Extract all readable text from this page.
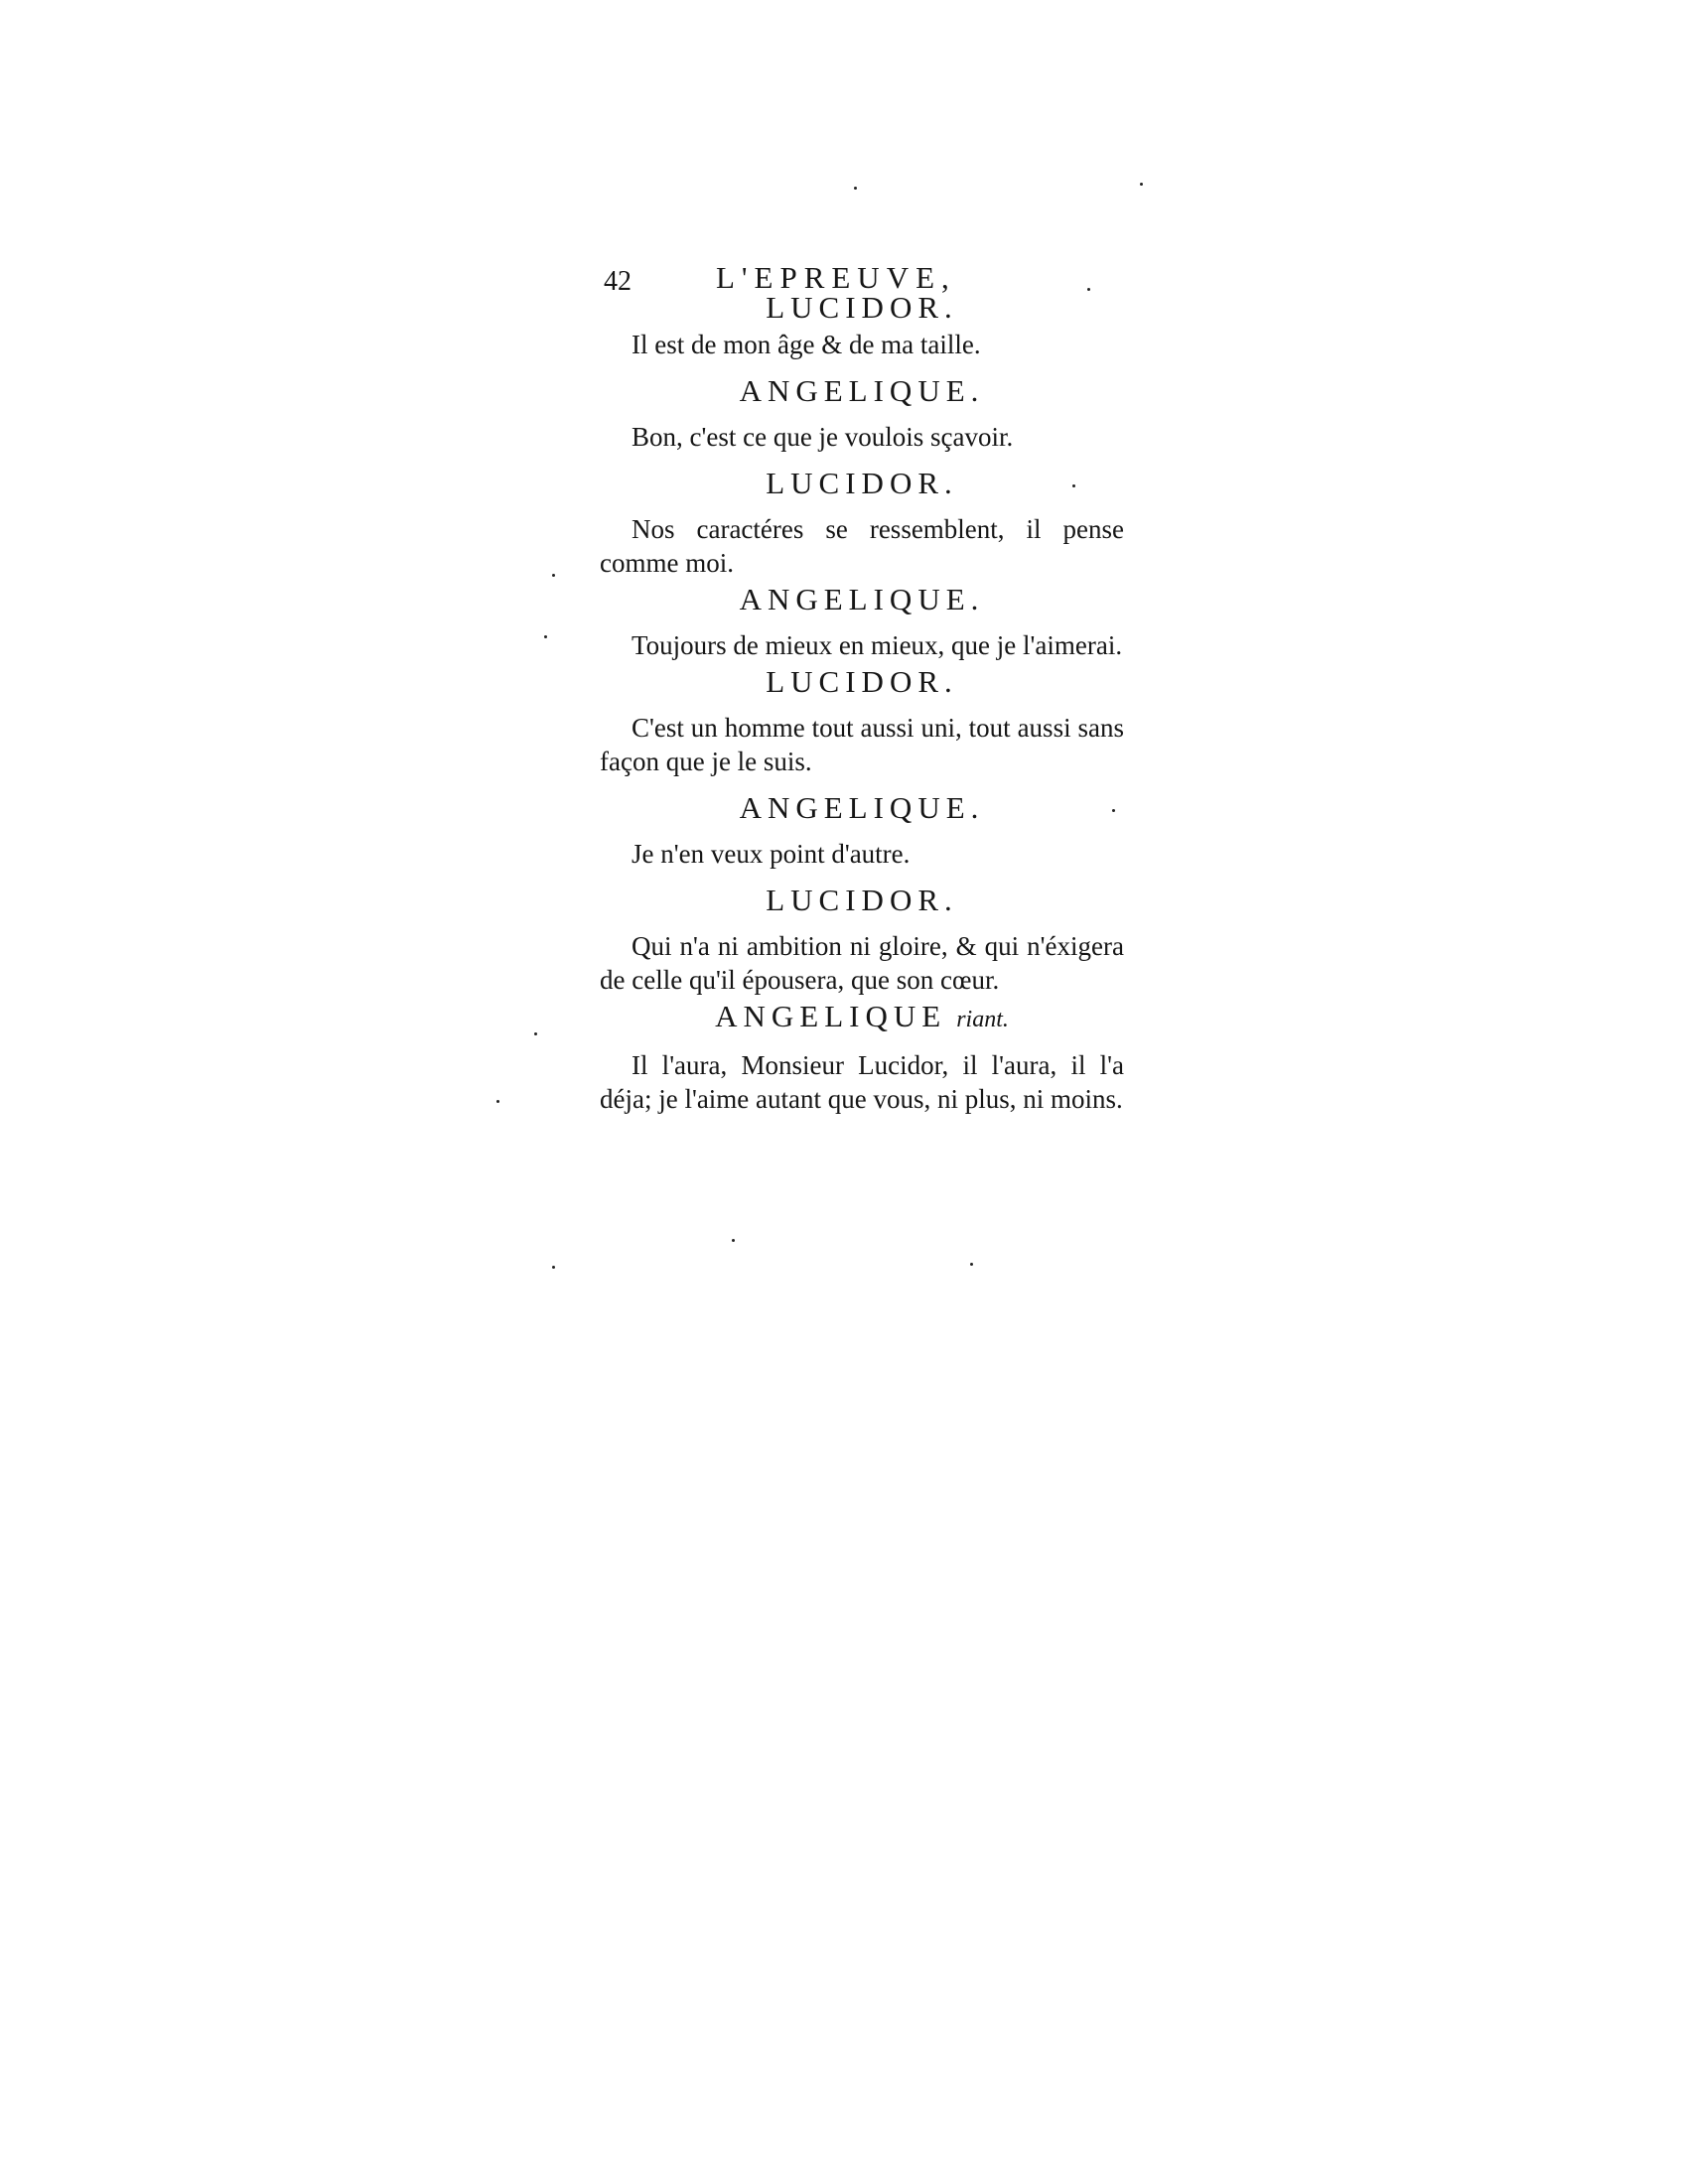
42	L'EPREUVE,
LUCIDOR.

Il est de mon âge & de ma taille.

ANGELIQUE.

Bon, c'est ce que je voulois sçavoir.

LUCIDOR.

Nos caractéres se ressemblent, il pense comme moi.

ANGELIQUE.

Toujours de mieux en mieux, que je l'aimerai.

LUCIDOR.

C'est un homme tout aussi uni, tout aussi sans façon que je le suis.

ANGELIQUE.

Je n'en veux point d'autre.

LUCIDOR.

Qui n'a ni ambition ni gloire, & qui n'éxigera de celle qu'il épousera, que son cœur.

ANGELIQUE riant.

Il l'aura, Monsieur Lucidor, il l'aura, il l'a déja; je l'aime autant que vous, ni plus, ni moins.
